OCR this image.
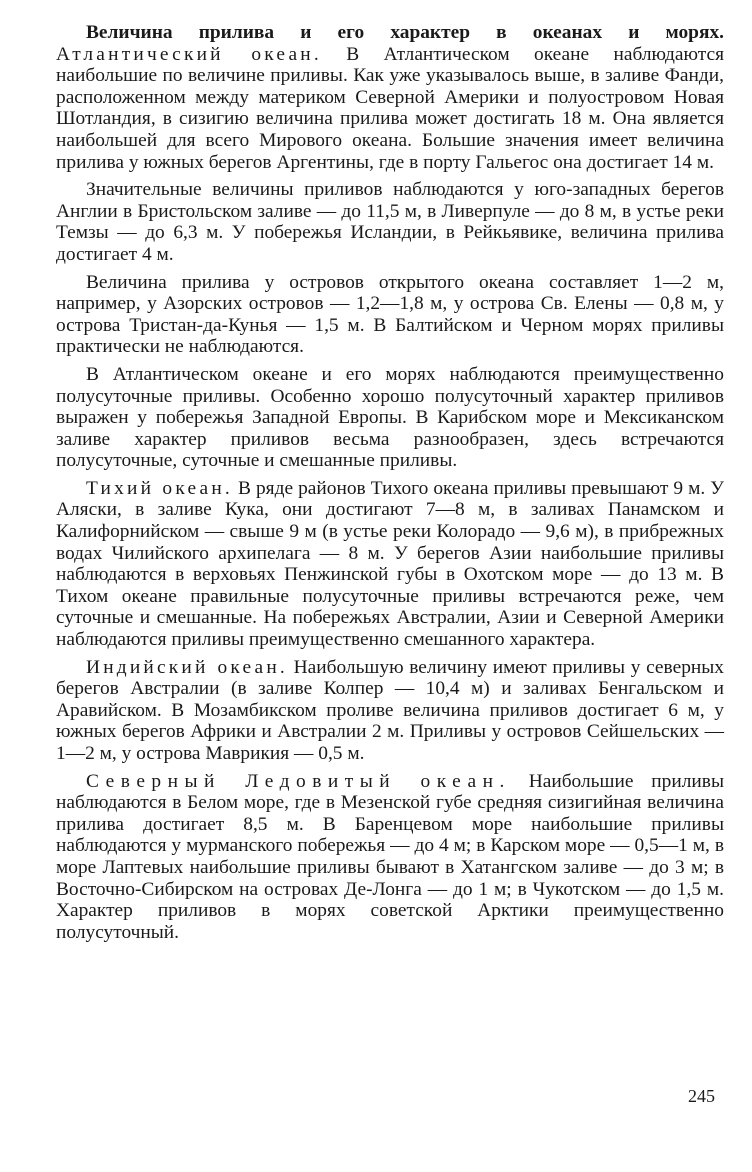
Величина прилива и его характер в океанах и морях. Атлантический океан. В Атлантическом океане наблюдаются наибольшие по величине приливы. Как уже указывалось выше, в заливе Фанди, расположенном между материком Северной Америки и полуостровом Новая Шотландия, в сизигию величина прилива может достигать 18 м. Она является наибольшей для всего Мирового океана. Большие значения имеет величина прилива у южных берегов Аргентины, где в порту Гальегос она достигает 14 м.

Значительные величины приливов наблюдаются у юго-западных берегов Англии в Бристольском заливе — до 11,5 м, в Ливерпуле — до 8 м, в устье реки Темзы — до 6,3 м. У побережья Исландии, в Рейкьявике, величина прилива достигает 4 м.

Величина прилива у островов открытого океана составляет 1—2 м, например, у Азорских островов — 1,2—1,8 м, у острова Св. Елены — 0,8 м, у острова Тристан-да-Кунья — 1,5 м. В Балтийском и Черном морях приливы практически не наблюдаются.

В Атлантическом океане и его морях наблюдаются преимущественно полусуточные приливы. Особенно хорошо полусуточный характер приливов выражен у побережья Западной Европы. В Карибском море и Мексиканском заливе характер приливов весьма разнообразен, здесь встречаются полусуточные, суточные и смешанные приливы.

Тихий океан. В ряде районов Тихого океана приливы превышают 9 м. У Аляски, в заливе Кука, они достигают 7—8 м, в заливах Панамском и Калифорнийском — свыше 9 м (в устье реки Колорадо — 9,6 м), в прибрежных водах Чилийского архипелага — 8 м. У берегов Азии наибольшие приливы наблюдаются в верховьях Пенжинской губы в Охотском море — до 13 м. В Тихом океане правильные полусуточные приливы встречаются реже, чем суточные и смешанные. На побережьях Австралии, Азии и Северной Америки наблюдаются приливы преимущественно смешанного характера.

Индийский океан. Наибольшую величину имеют приливы у северных берегов Австралии (в заливе Колпер — 10,4 м) и заливах Бенгальском и Аравийском. В Мозамбикском проливе величина приливов достигает 6 м, у южных берегов Африки и Австралии 2 м. Приливы у островов Сейшельских — 1—2 м, у острова Маврикия — 0,5 м.

Северный Ледовитый океан. Наибольшие приливы наблюдаются в Белом море, где в Мезенской губе средняя сизигийная величина прилива достигает 8,5 м. В Баренцевом море наибольшие приливы наблюдаются у мурманского побережья — до 4 м; в Карском море — 0,5—1 м, в море Лаптевых наибольшие приливы бывают в Хатангском заливе — до 3 м; в Восточно-Сибирском на островах Де-Лонга — до 1 м; в Чукотском — до 1,5 м. Характер приливов в морях советской Арктики преимущественно полусуточный.

245
